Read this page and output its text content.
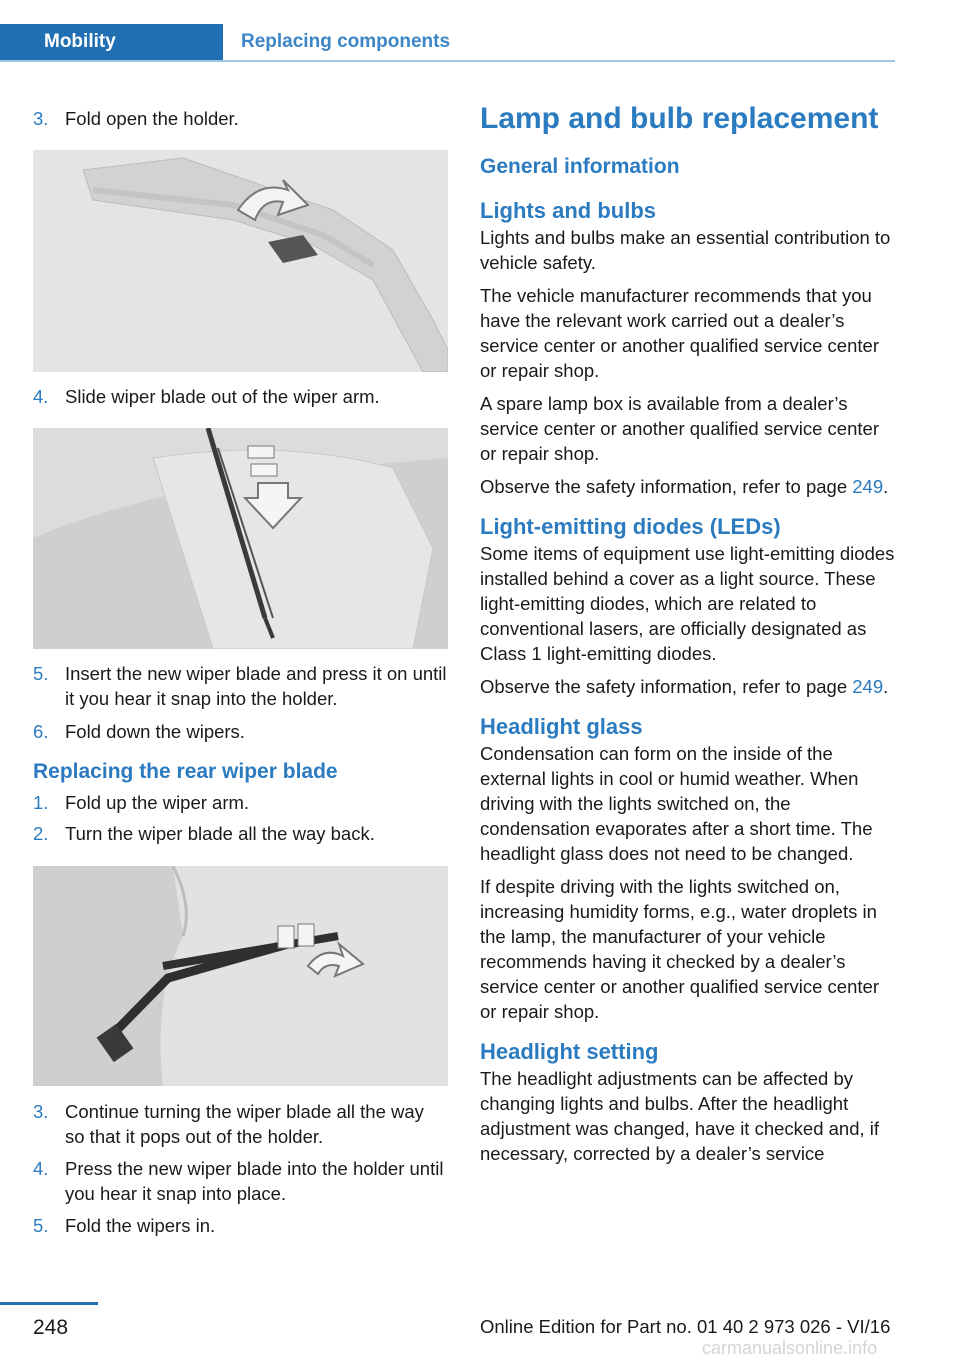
Mobility	Replacing components
3. Fold open the holder.
4. Slide wiper blade out of the wiper arm.
5. Insert the new wiper blade and press it on until it you hear it snap into the holder.
6. Fold down the wipers.
Replacing the rear wiper blade
1. Fold up the wiper arm.
2. Turn the wiper blade all the way back.
3. Continue turning the wiper blade all the way so that it pops out of the holder.
4. Press the new wiper blade into the holder until you hear it snap into place.
5. Fold the wipers in.
Lamp and bulb replacement
General information
Lights and bulbs

Lights and bulbs make an essential contribution to vehicle safety.

The vehicle manufacturer recommends that you have the relevant work carried out a dealer’s service center or another qualified service center or repair shop.

A spare lamp box is available from a dealer’s service center or another qualified service center or repair shop.

Observe the safety information, refer to page 249.

Light-emitting diodes (LEDs)

Some items of equipment use light-emitting diodes installed behind a cover as a light source. These light-emitting diodes, which are related to conventional lasers, are officially designated as Class 1 light-emitting diodes.

Observe the safety information, refer to page 249.

Headlight glass

Condensation can form on the inside of the external lights in cool or humid weather. When driving with the lights switched on, the condensation evaporates after a short time. The headlight glass does not need to be changed.

If despite driving with the lights switched on, increasing humidity forms, e.g., water droplets in the lamp, the manufacturer of your vehicle recommends having it checked by a dealer’s service center or another qualified service center or repair shop.

Headlight setting

The headlight adjustments can be affected by changing lights and bulbs. After the headlight adjustment was changed, have it checked and, if necessary, corrected by a dealer’s service

248	Online Edition for Part no. 01 40 2 973 026 - VI/16
carmanualsonline.info
